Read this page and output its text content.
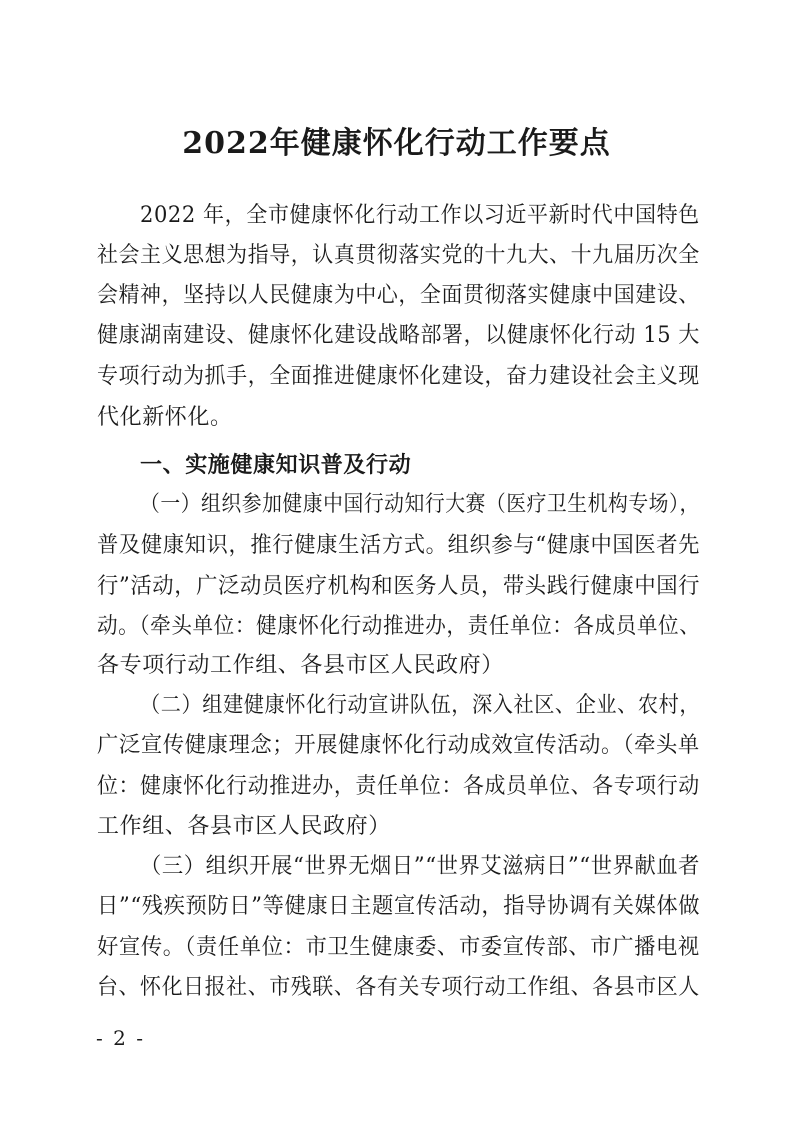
2022年健康怀化行动工作要点
2022 年，全市健康怀化行动工作以习近平新时代中国特色
社会主义思想为指导，认真贯彻落实党的十九大、十九届历次全
会精神，坚持以人民健康为中心，全面贯彻落实健康中国建设、
健康湖南建设、健康怀化建设战略部署，以健康怀化行动 15 大
专项行动为抓手，全面推进健康怀化建设，奋力建设社会主义现
代化新怀化。
一、实施健康知识普及行动
（一）组织参加健康中国行动知行大赛（医疗卫生机构专场），
普及健康知识，推行健康生活方式。组织参与“健康中国医者先
行”活动，广泛动员医疗机构和医务人员，带头践行健康中国行
动。（牵头单位：健康怀化行动推进办，责任单位：各成员单位、
各专项行动工作组、各县市区人民政府）
（二）组建健康怀化行动宣讲队伍，深入社区、企业、农村，
广泛宣传健康理念；开展健康怀化行动成效宣传活动。（牵头单
位：健康怀化行动推进办，责任单位：各成员单位、各专项行动
工作组、各县市区人民政府）
（三）组织开展“世界无烟日”“世界艾滋病日”“世界献血者
日”“残疾预防日”等健康日主题宣传活动，指导协调有关媒体做
好宣传。（责任单位：市卫生健康委、市委宣传部、市广播电视
台、怀化日报社、市残联、各有关专项行动工作组、各县市区人
- 2 -
